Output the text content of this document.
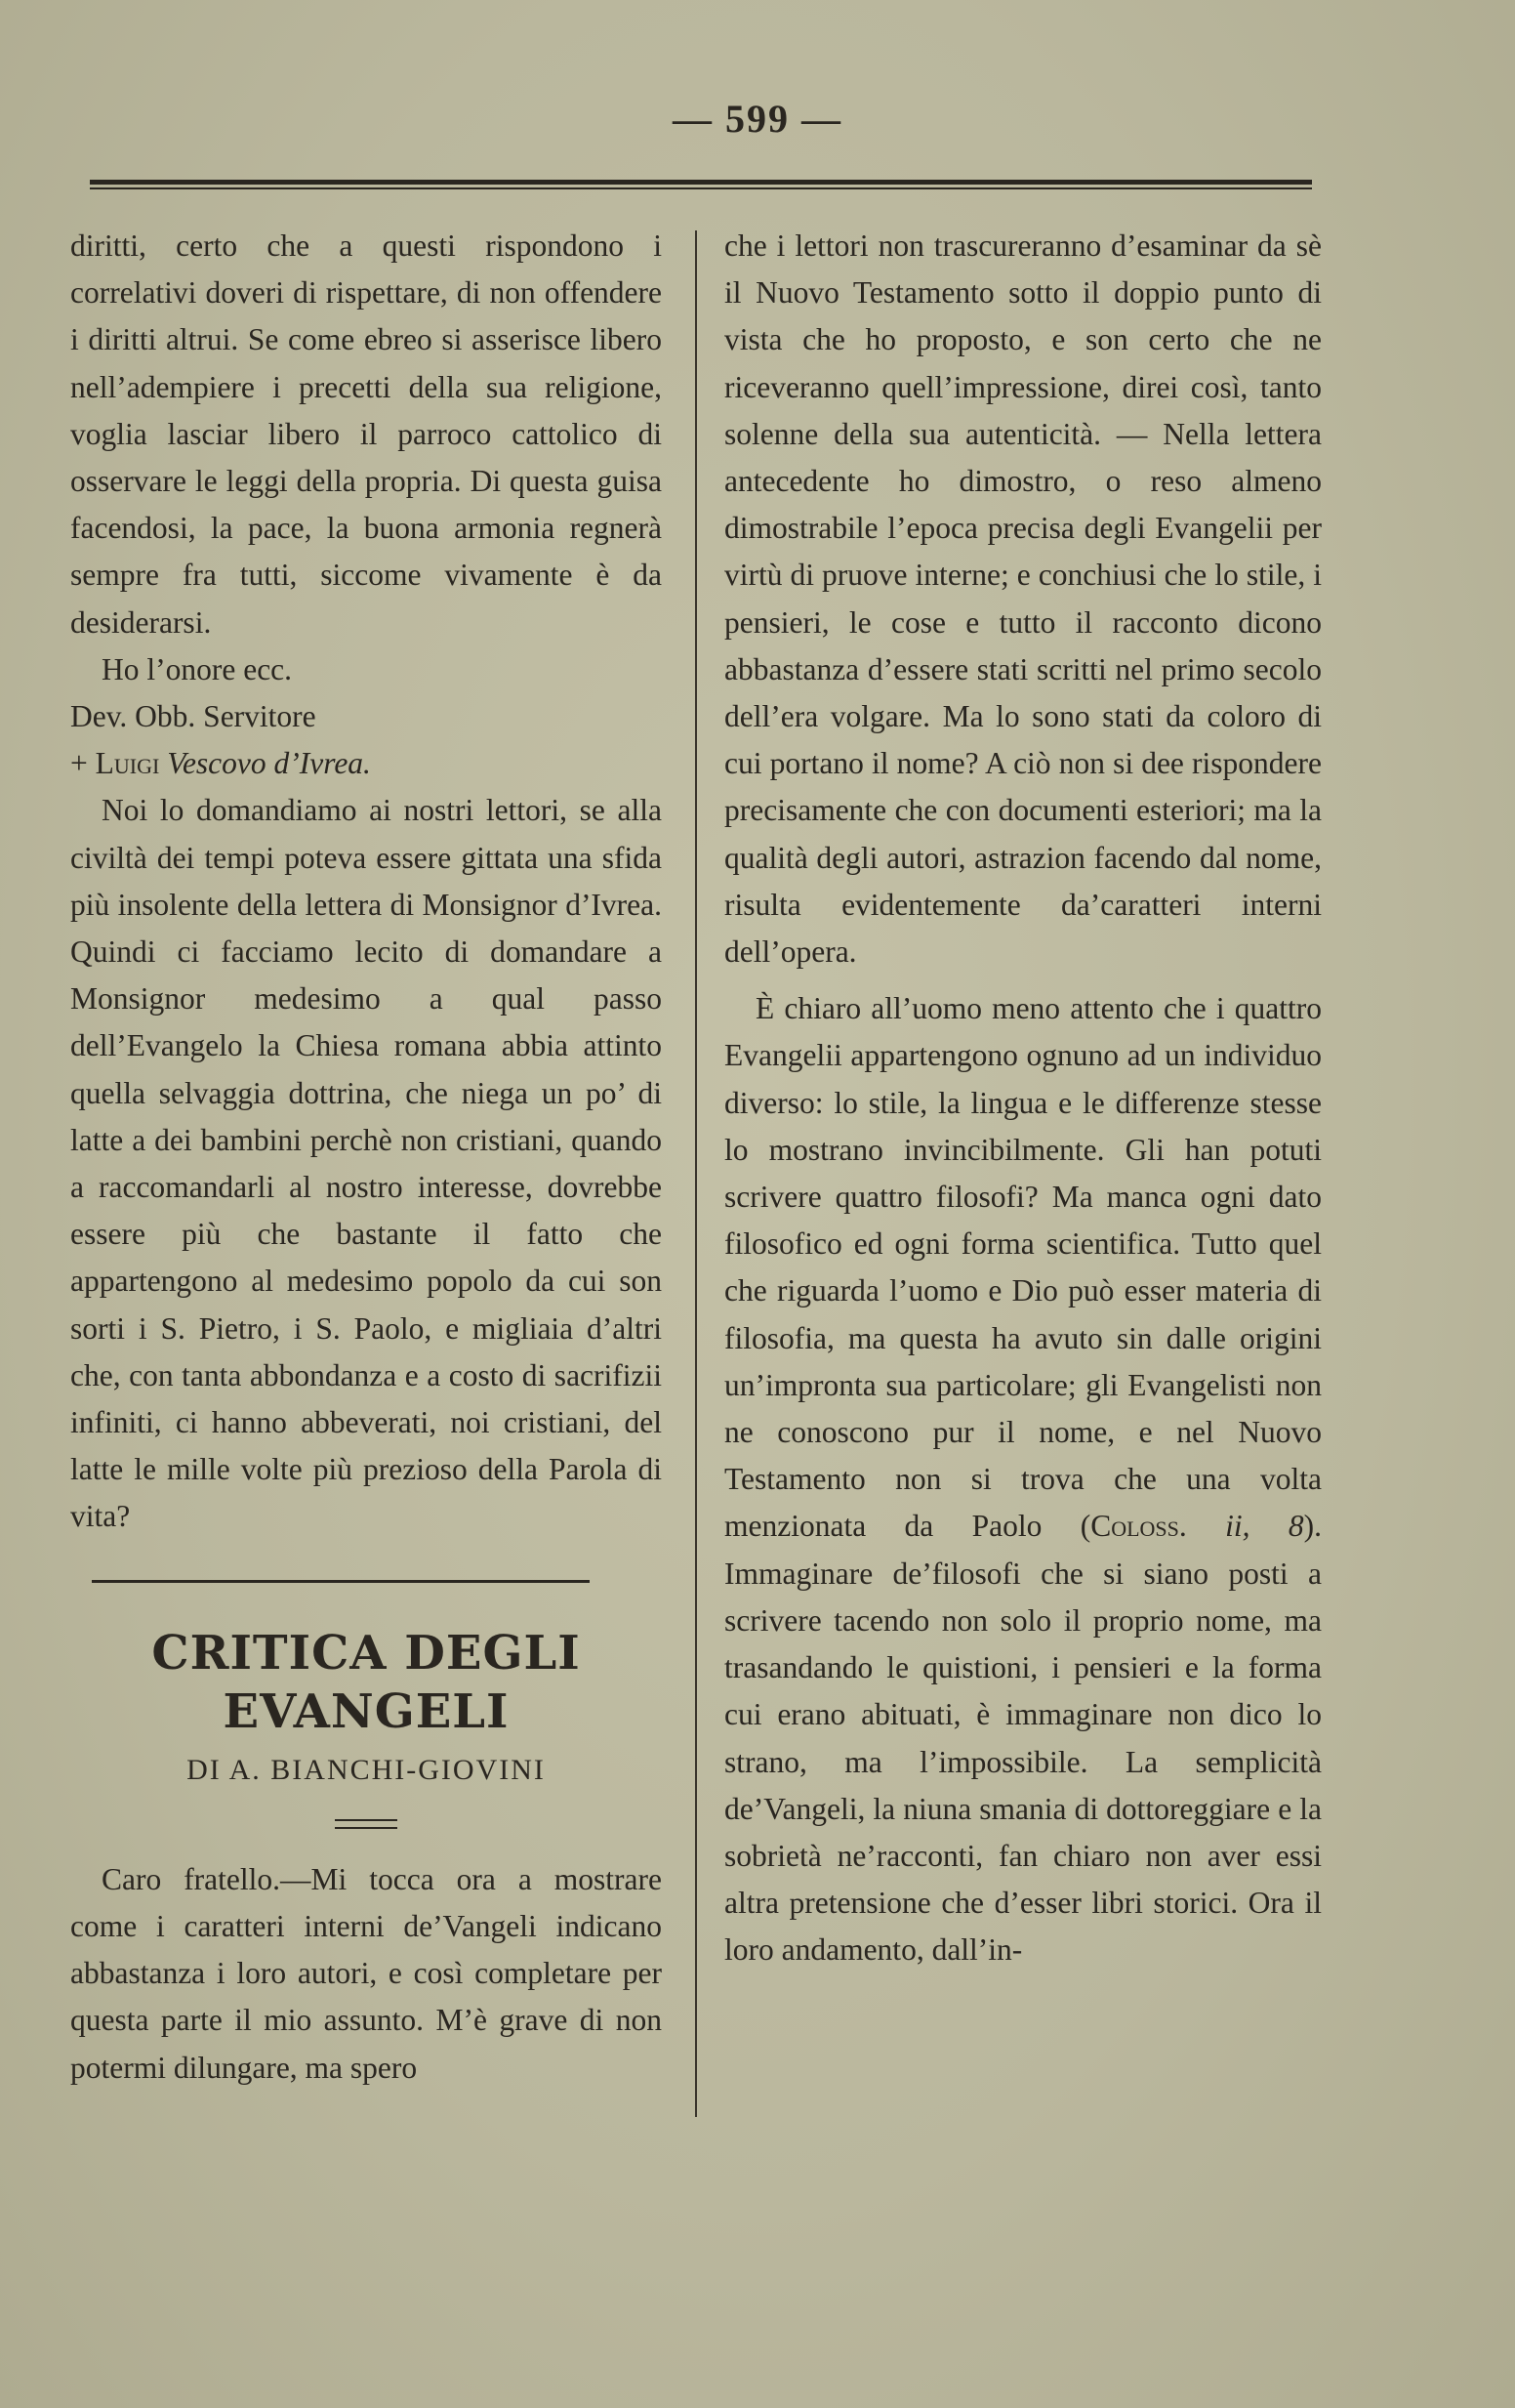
— 599 —

diritti, certo che a questi rispondono i correlativi doveri di rispettare, di non offendere i diritti altrui. Se come ebreo si asserisce libero nell’adempiere i precetti della sua religione, voglia lasciar libero il parroco cattolico di osservare le leggi della propria. Di questa guisa facendosi, la pace, la buona armonia regnerà sempre fra tutti, siccome vivamente è da desiderarsi.

Ho l’onore ecc.
Dev. Obb. Servitore
+ Luigi Vescovo d’Ivrea.

Noi lo domandiamo ai nostri lettori, se alla civiltà dei tempi poteva essere gittata una sfida più insolente della lettera di Monsignor d’Ivrea. Quindi ci facciamo lecito di domandare a Monsignor medesimo a qual passo dell’Evangelo la Chiesa romana abbia attinto quella selvaggia dottrina, che niega un po’ di latte a dei bambini perchè non cristiani, quando a raccomandarli al nostro interesse, dovrebbe essere più che bastante il fatto che appartengono al medesimo popolo da cui son sorti i S. Pietro, i S. Paolo, e migliaia d’altri che, con tanta abbondanza e a costo di sacrifizii infiniti, ci hanno abbeverati, noi cristiani, del latte le mille volte più prezioso della Parola di vita?

CRITICA DEGLI EVANGELI
DI A. BIANCHI-GIOVINI

Caro fratello.—Mi tocca ora a mostrare come i caratteri interni de’Vangeli indicano abbastanza i loro autori, e così completare per questa parte il mio assunto. M’è grave di non potermi dilungare, ma spero

che i lettori non trascureranno d’esaminar da sè il Nuovo Testamento sotto il doppio punto di vista che ho proposto, e son certo che ne riceveranno quell’impressione, direi così, tanto solenne della sua autenticità. — Nella lettera antecedente ho dimostro, o reso almeno dimostrabile l’epoca precisa degli Evangelii per virtù di pruove interne; e conchiusi che lo stile, i pensieri, le cose e tutto il racconto dicono abbastanza d’essere stati scritti nel primo secolo dell’era volgare. Ma lo sono stati da coloro di cui portano il nome? A ciò non si dee rispondere precisamente che con documenti esteriori; ma la qualità degli autori, astrazion facendo dal nome, risulta evidentemente da’caratteri interni dell’opera.

È chiaro all’uomo meno attento che i quattro Evangelii appartengono ognuno ad un individuo diverso: lo stile, la lingua e le differenze stesse lo mostrano invincibilmente. Gli han potuti scrivere quattro filosofi? Ma manca ogni dato filosofico ed ogni forma scientifica. Tutto quel che riguarda l’uomo e Dio può esser materia di filosofia, ma questa ha avuto sin dalle origini un’impronta sua particolare; gli Evangelisti non ne conoscono pur il nome, e nel Nuovo Testamento non si trova che una volta menzionata da Paolo (Coloss. ii, 8). Immaginare de’filosofi che si siano posti a scrivere tacendo non solo il proprio nome, ma trasandando le quistioni, i pensieri e la forma cui erano abituati, è immaginare non dico lo strano, ma l’impossibile. La semplicità de’Vangeli, la niuna smania di dottoreggiare e la sobrietà ne’racconti, fan chiaro non aver essi altra pretensione che d’esser libri storici. Ora il loro andamento, dall’in-
